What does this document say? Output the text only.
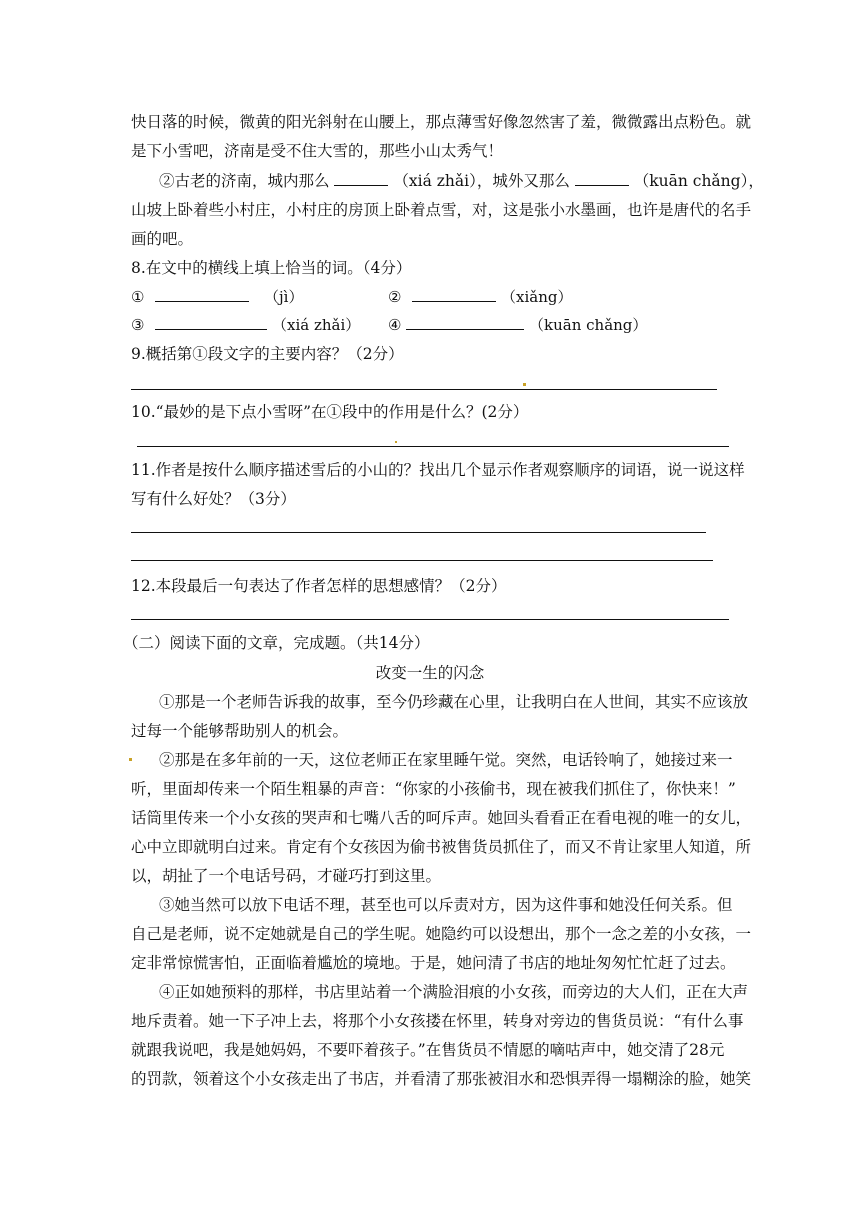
快日落的时候，微黄的阳光斜射在山腰上，那点薄雪好像忽然害了羞，微微露出点粉色。就
是下小雪吧，济南是受不住大雪的，那些小山太秀气！
②古老的济南，城内那么	（xiá zhǎi），城外又那么	（kuān chǎng），
山坡上卧着些小村庄，小村庄的房顶上卧着点雪，对，这是张小水墨画，也许是唐代的名手
画的吧。
8.在文中的横线上填上恰当的词。（4分）
①	（jì）	②	（xiǎng）
③	（xiá zhǎi） ④	（kuān chǎng）
9.概括第①段文字的主要内容？（2分）
10.“最妙的是下点小雪呀”在①段中的作用是什么？(2分）
11.作者是按什么顺序描述雪后的小山的？找出几个显示作者观察顺序的词语，说一说这样
写有什么好处？（3分）
12.本段最后一句表达了作者怎样的思想感情？（2分）
（二）阅读下面的文章，完成题。（共14分）
改变一生的闪念
①那是一个老师告诉我的故事，至今仍珍藏在心里，让我明白在人世间，其实不应该放
过每一个能够帮助别人的机会。
②那是在多年前的一天，这位老师正在家里睡午觉。突然，电话铃响了，她接过来一
听，里面却传来一个陌生粗暴的声音：“你家的小孩偷书，现在被我们抓住了，你快来！”
话筒里传来一个小女孩的哭声和七嘴八舌的呵斥声。她回头看看正在看电视的唯一的女儿，
心中立即就明白过来。肯定有个女孩因为偷书被售货员抓住了，而又不肯让家里人知道，所
以，胡扯了一个电话号码，才碰巧打到这里。
③她当然可以放下电话不理，甚至也可以斥责对方，因为这件事和她没任何关系。但
自己是老师，说不定她就是自己的学生呢。她隐约可以设想出，那个一念之差的小女孩，一
定非常惊慌害怕，正面临着尴尬的境地。于是，她问清了书店的地址匆匆忙忙赶了过去。
④正如她预料的那样，书店里站着一个满脸泪痕的小女孩，而旁边的大人们，正在大声
地斥责着。她一下子冲上去，将那个小女孩搂在怀里，转身对旁边的售货员说：“有什么事
就跟我说吧，我是她妈妈，不要吓着孩子。”在售货员不情愿的嘀咕声中，她交清了28元
的罚款，领着这个小女孩走出了书店，并看清了那张被泪水和恐惧弄得一塌糊涂的脸，她笑
